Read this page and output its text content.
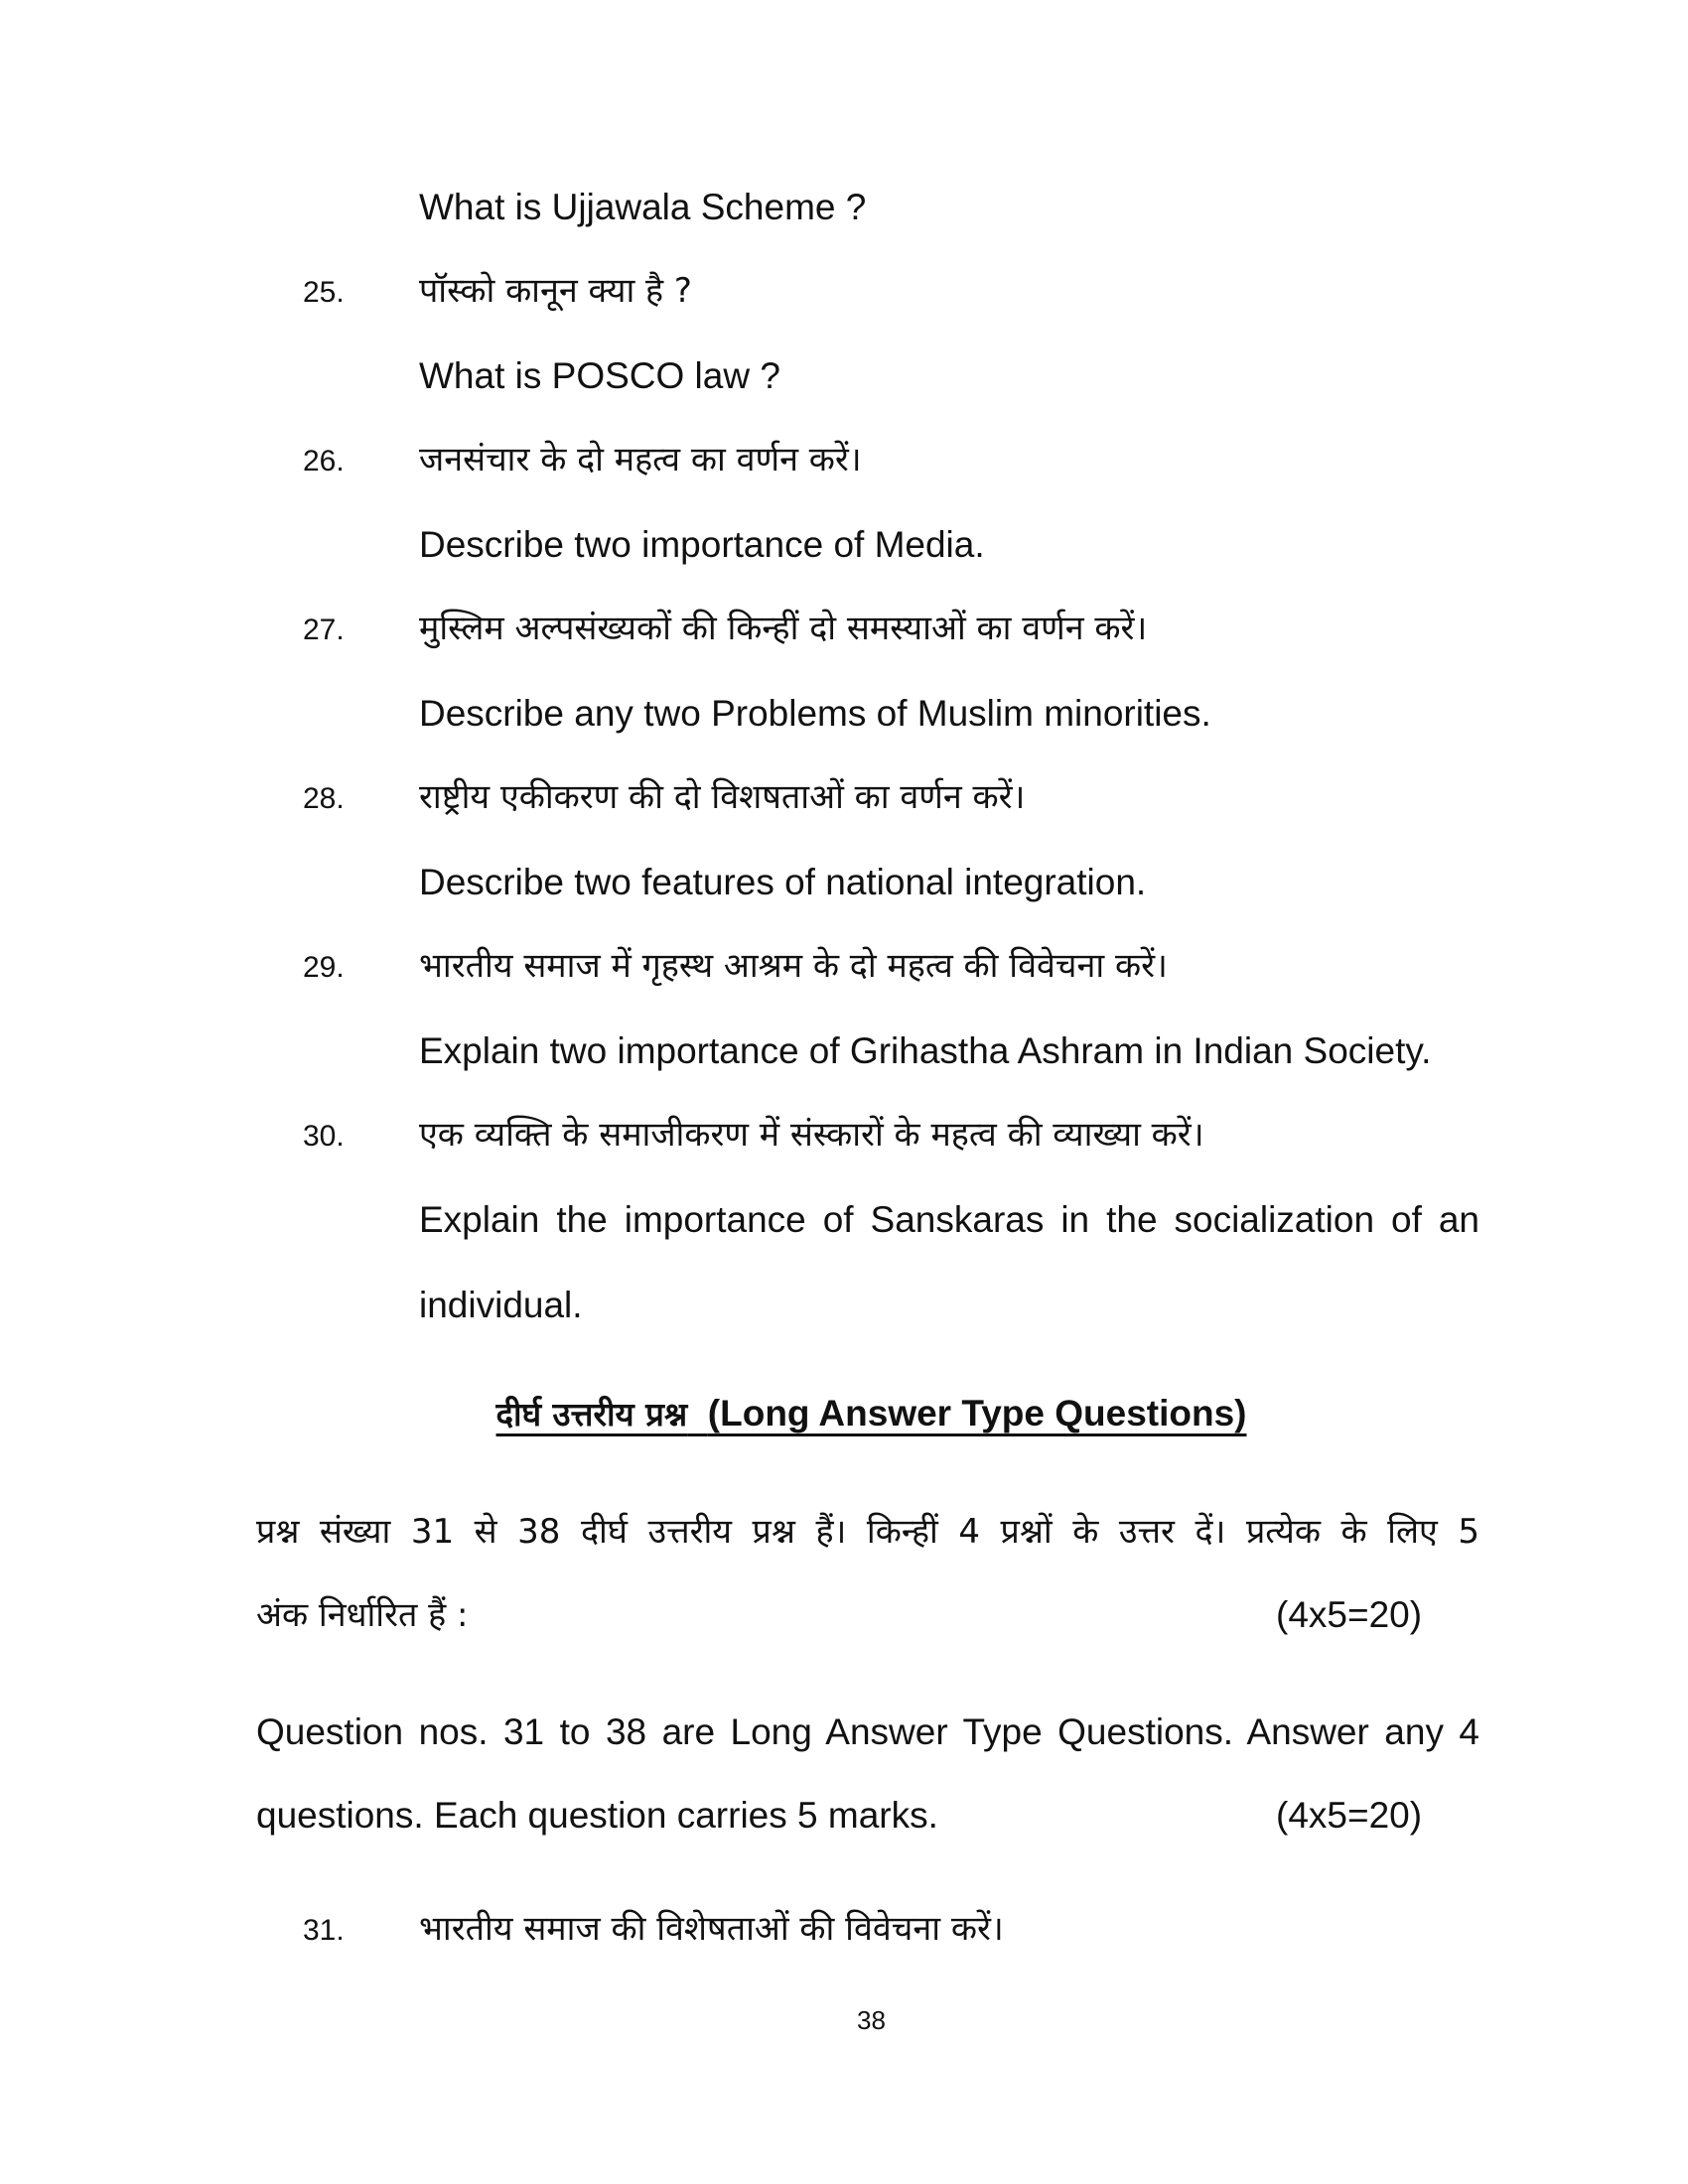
What is Ujjawala Scheme ?
25. पॉस्को कानून क्या है ?
What is POSCO law ?
26. जनसंचार के दो महत्व का वर्णन करें।
Describe two importance of Media.
27. मुस्लिम अल्पसंख्यकों की किन्हीं दो समस्याओं का वर्णन करें।
Describe any two Problems of Muslim minorities.
28. राष्ट्रीय एकीकरण की दो विशषताओं का वर्णन करें।
Describe two features of national integration.
29. भारतीय समाज में गृहस्थ आश्रम के दो महत्व की विवेचना करें।
Explain two importance of Grihastha Ashram in Indian Society.
30. एक व्यक्ति के समाजीकरण में संस्कारों के महत्व की व्याख्या करें।
Explain the importance of Sanskaras in the socialization of an
individual.
दीर्घ उत्तरीय प्रश्न (Long Answer Type Questions)
प्रश्न संख्या 31 से 38 दीर्घ उत्तरीय प्रश्न हैं। किन्हीं 4 प्रश्नों के उत्तर दें। प्रत्येक के लिए 5
अंक निर्धारित हैं :	(4x5=20)
Question nos. 31 to 38 are Long Answer Type Questions. Answer any 4
questions. Each question carries 5 marks.	(4x5=20)
31. भारतीय समाज की विशेषताओं की विवेचना करें।
38
